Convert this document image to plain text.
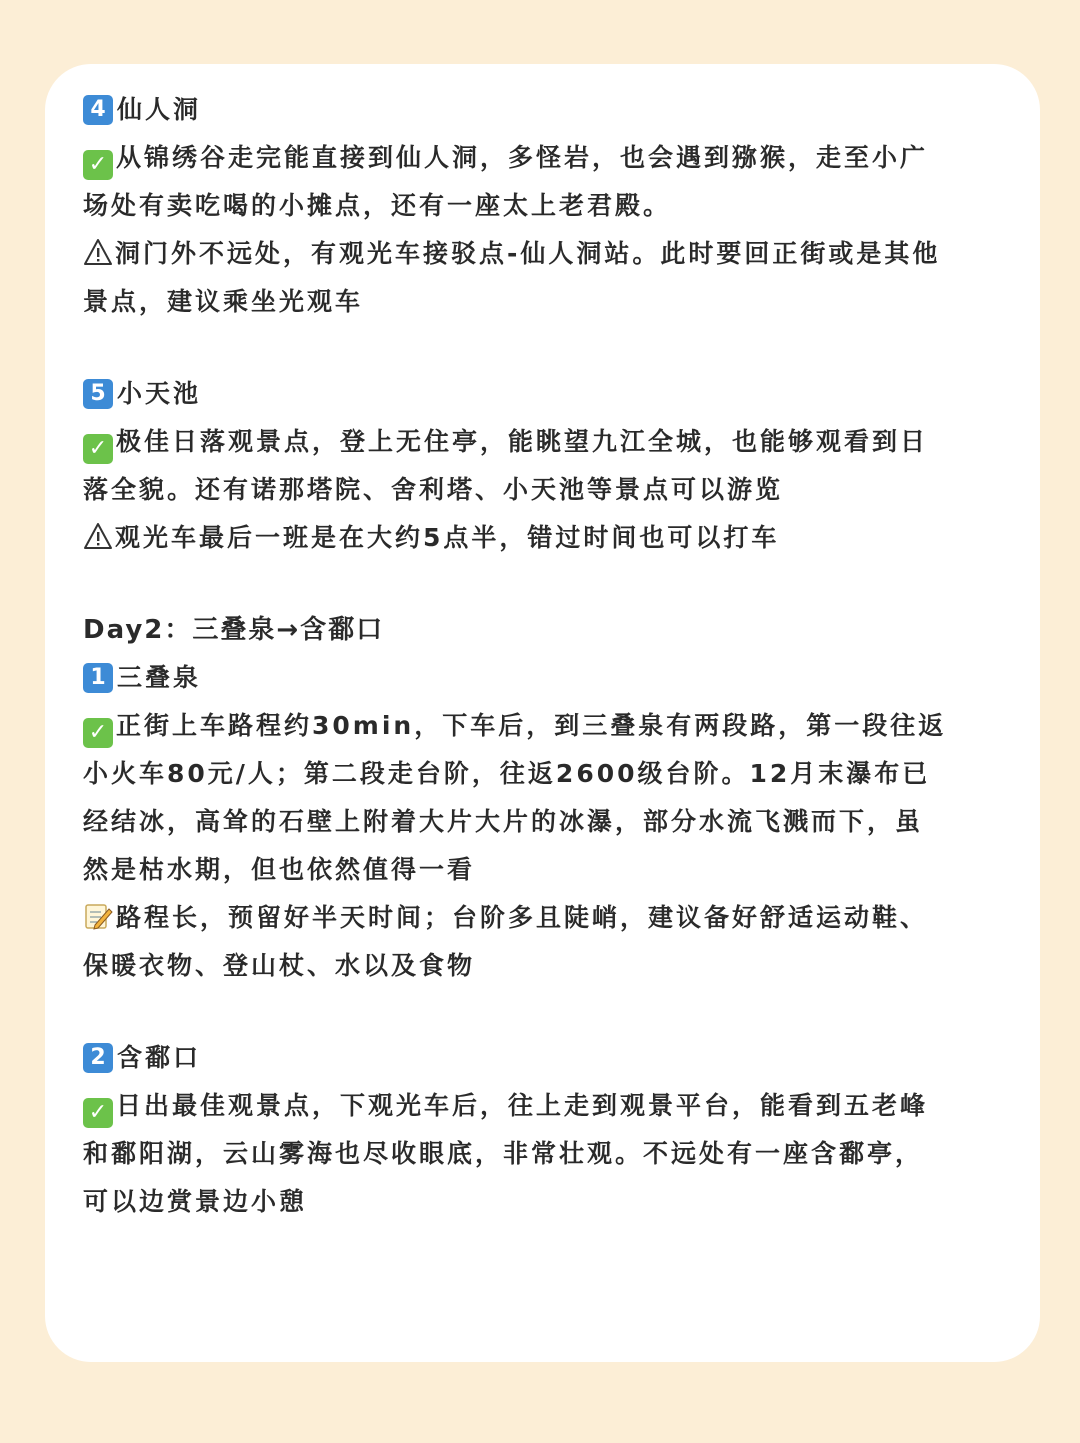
4 仙人洞

✓ 从锦绣谷走完能直接到仙人洞，多怪岩，也会遇到猕猴，走至小广

场处有卖吃喝的小摊点，还有一座太上老君殿。

洞门外不远处，有观光车接驳点-仙人洞站。此时要回正街或是其他

景点，建议乘坐光观车

5 小天池

✓ 极佳日落观景点，登上无住亭，能眺望九江全城，也能够观看到日

落全貌。还有诺那塔院、舍利塔、小天池等景点可以游览

观光车最后一班是在大约5点半，错过时间也可以打车

Day2：三叠泉→含鄱口

1 三叠泉

✓ 正街上车路程约30min，下车后，到三叠泉有两段路，第一段往返

小火车80元/人；第二段走台阶，往返2600级台阶。12月末瀑布已

经结冰，高耸的石壁上附着大片大片的冰瀑，部分水流飞溅而下，虽

然是枯水期，但也依然值得一看

路程长，预留好半天时间；台阶多且陡峭，建议备好舒适运动鞋、

保暖衣物、登山杖、水以及食物

2 含鄱口

✓ 日出最佳观景点，下观光车后，往上走到观景平台，能看到五老峰

和鄱阳湖，云山雾海也尽收眼底，非常壮观。不远处有一座含鄱亭，

可以边赏景边小憩
